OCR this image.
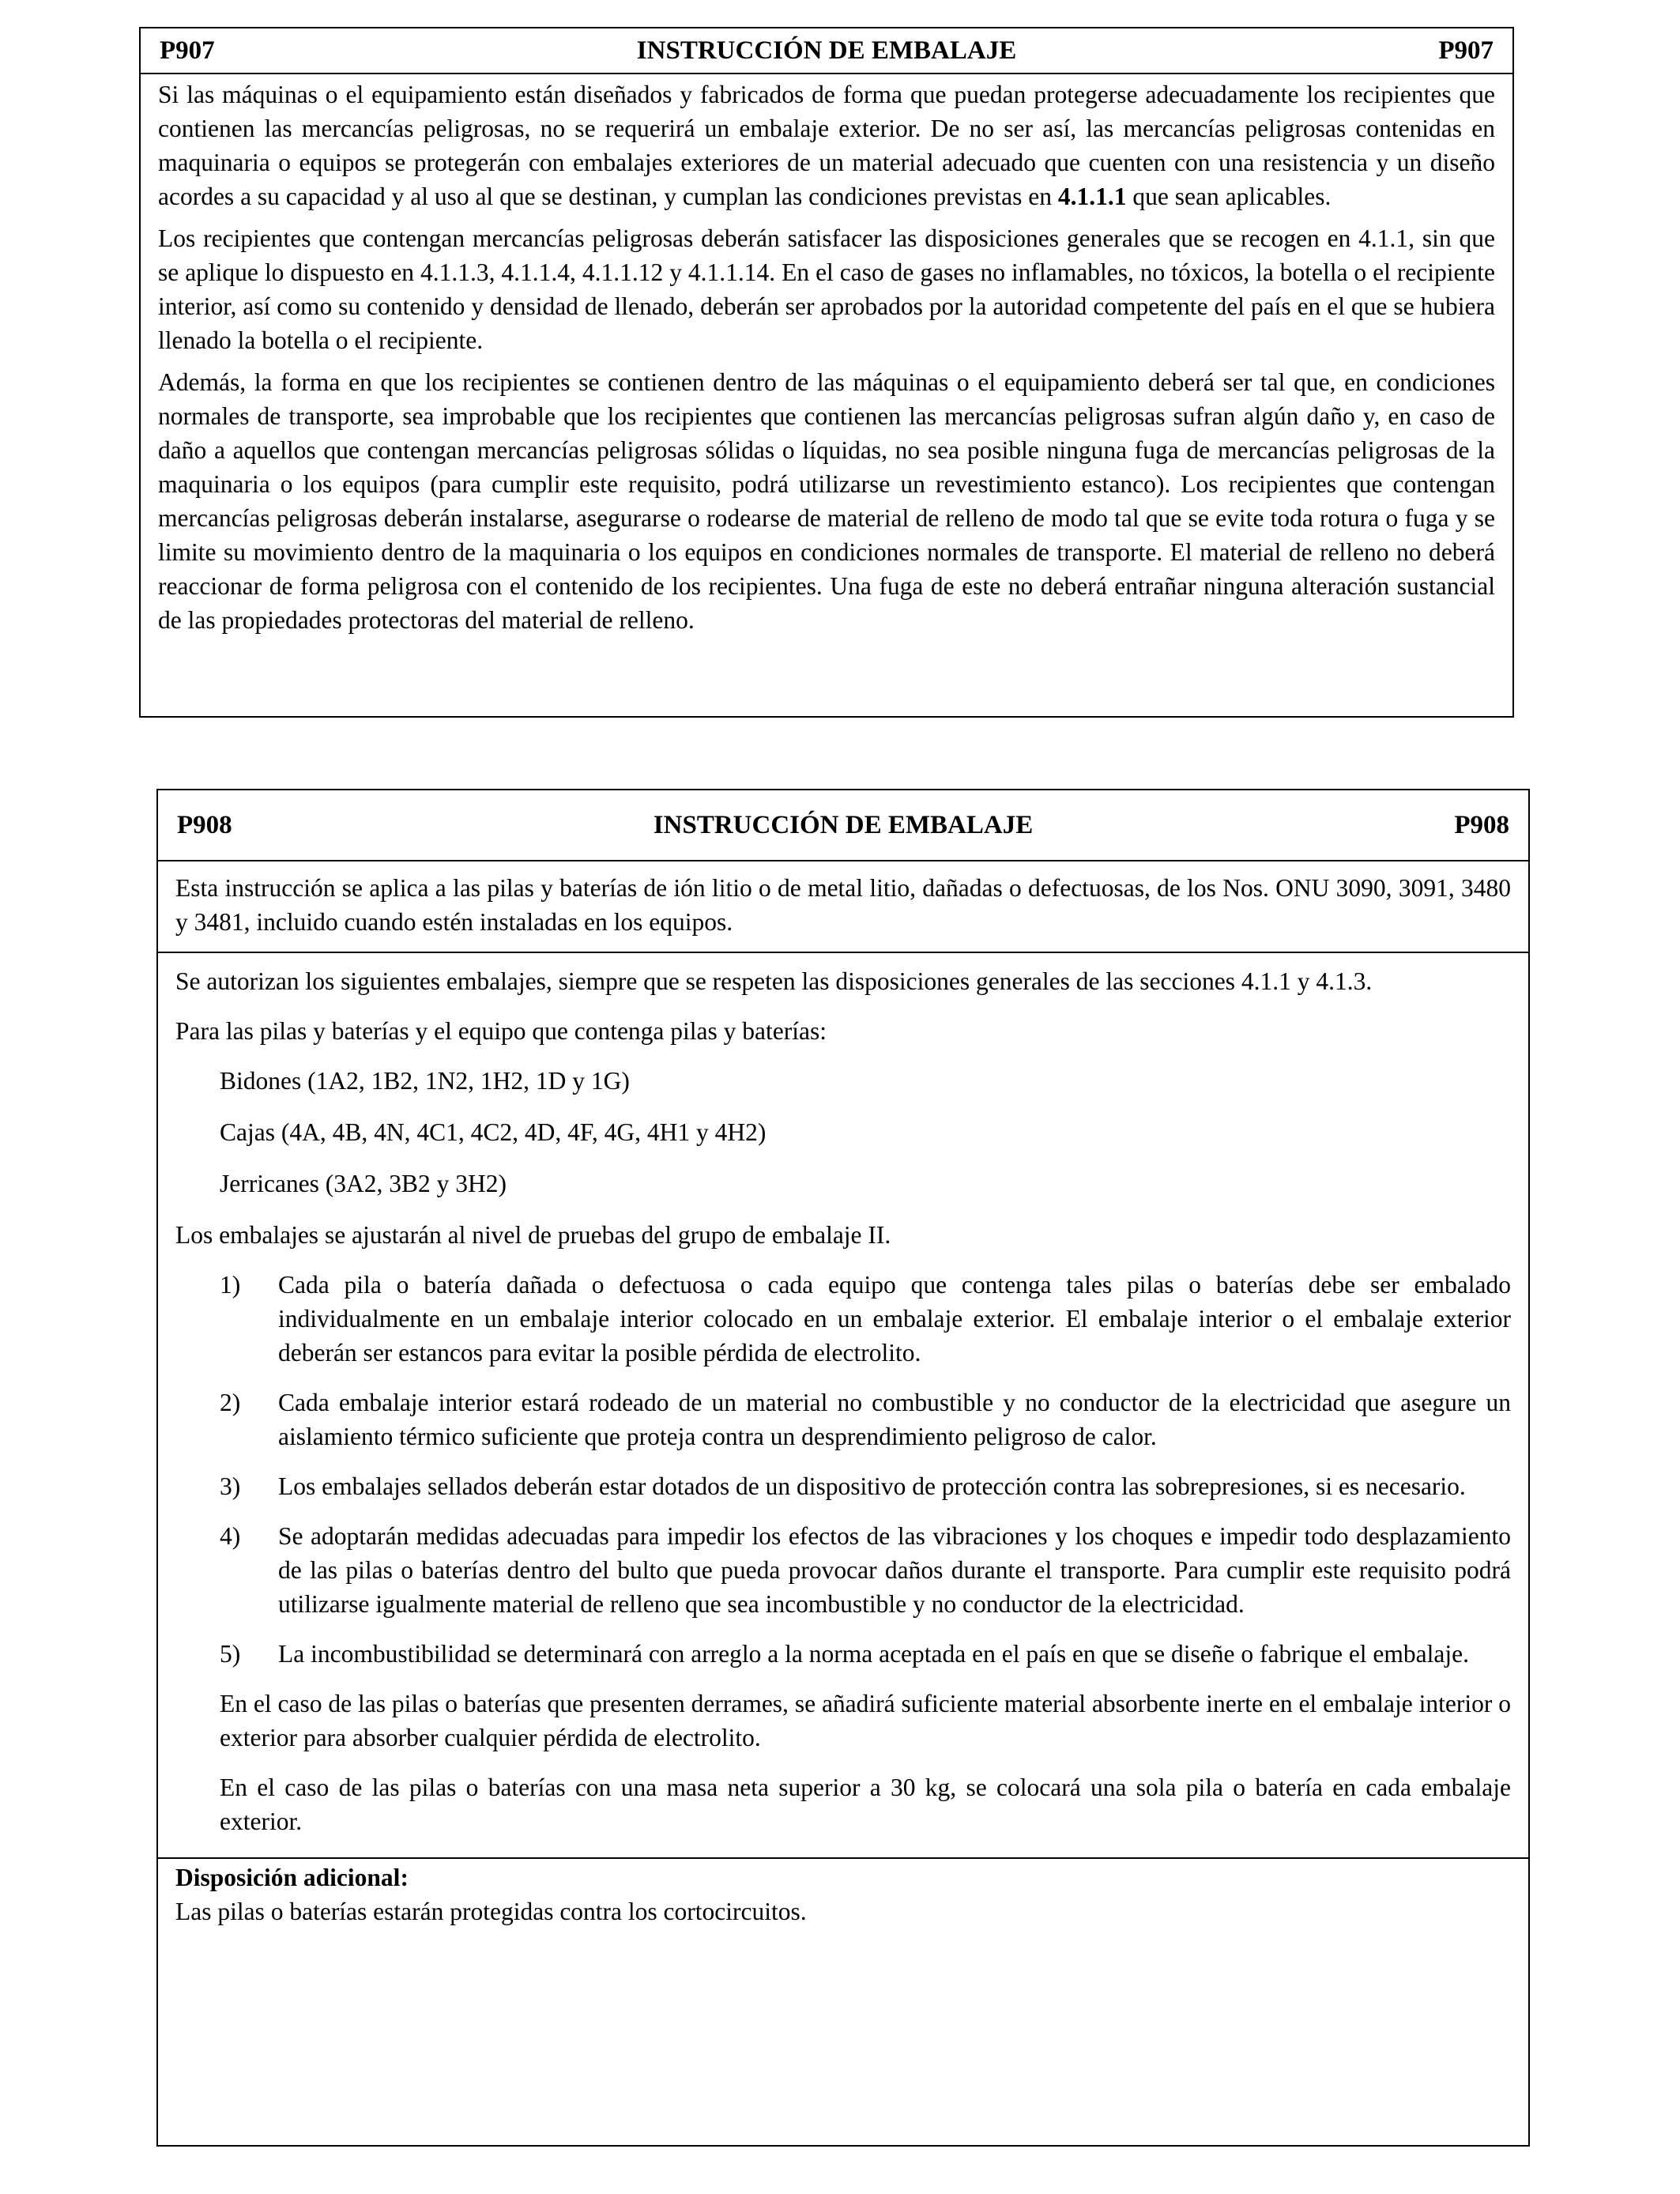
INSTRUCCIÓN DE EMBALAJE
P907	P907

Si las máquinas o el equipamiento están diseñados y fabricados de forma que puedan protegerse adecuadamente los recipientes que contienen las mercancías peligrosas, no se requerirá un embalaje exterior. De no ser así, las mercancías peligrosas contenidas en maquinaria o equipos se protegerán con embalajes exteriores de un material adecuado que cuenten con una resistencia y un diseño acordes a su capacidad y al uso al que se destinan, y cumplan las condiciones previstas en 4.1.1.1 que sean aplicables.

Los recipientes que contengan mercancías peligrosas deberán satisfacer las disposiciones generales que se recogen en 4.1.1, sin que se aplique lo dispuesto en 4.1.1.3, 4.1.1.4, 4.1.1.12 y 4.1.1.14. En el caso de gases no inflamables, no tóxicos, la botella o el recipiente interior, así como su contenido y densidad de llenado, deberán ser aprobados por la autoridad competente del país en el que se hubiera llenado la botella o el recipiente.

Además, la forma en que los recipientes se contienen dentro de las máquinas o el equipamiento deberá ser tal que, en condiciones normales de transporte, sea improbable que los recipientes que contienen las mercancías peligrosas sufran algún daño y, en caso de daño a aquellos que contengan mercancías peligrosas sólidas o líquidas, no sea posible ninguna fuga de mercancías peligrosas de la maquinaria o los equipos (para cumplir este requisito, podrá utilizarse un revestimiento estanco). Los recipientes que contengan mercancías peligrosas deberán instalarse, asegurarse o rodearse de material de relleno de modo tal que se evite toda rotura o fuga y se limite su movimiento dentro de la maquinaria o los equipos en condiciones normales de transporte. El material de relleno no deberá reaccionar de forma peligrosa con el contenido de los recipientes. Una fuga de este no deberá entrañar ninguna alteración sustancial de las propiedades protectoras del material de relleno.

INSTRUCCIÓN DE EMBALAJE
P908	P908

Esta instrucción se aplica a las pilas y baterías de ión litio o de metal litio, dañadas o defectuosas, de los Nos. ONU 3090, 3091, 3480 y 3481, incluido cuando estén instaladas en los equipos.

Se autorizan los siguientes embalajes, siempre que se respeten las disposiciones generales de las secciones 4.1.1 y 4.1.3.

Para las pilas y baterías y el equipo que contenga pilas y baterías:

Bidones (1A2, 1B2, 1N2, 1H2, 1D y 1G)

Cajas (4A, 4B, 4N, 4C1, 4C2, 4D, 4F, 4G, 4H1 y 4H2)

Jerricanes (3A2, 3B2 y 3H2)

Los embalajes se ajustarán al nivel de pruebas del grupo de embalaje II.

1) Cada pila o batería dañada o defectuosa o cada equipo que contenga tales pilas o baterías debe ser embalado individualmente en un embalaje interior colocado en un embalaje exterior. El embalaje interior o el embalaje exterior deberán ser estancos para evitar la posible pérdida de electrolito.
2) Cada embalaje interior estará rodeado de un material no combustible y no conductor de la electricidad que asegure un aislamiento térmico suficiente que proteja contra un desprendimiento peligroso de calor.
3) Los embalajes sellados deberán estar dotados de un dispositivo de protección contra las sobrepresiones, si es necesario.
4) Se adoptarán medidas adecuadas para impedir los efectos de las vibraciones y los choques e impedir todo desplazamiento de las pilas o baterías dentro del bulto que pueda provocar daños durante el transporte. Para cumplir este requisito podrá utilizarse igualmente material de relleno que sea incombustible y no conductor de la electricidad.
5) La incombustibilidad se determinará con arreglo a la norma aceptada en el país en que se diseñe o fabrique el embalaje.

En el caso de las pilas o baterías que presenten derrames, se añadirá suficiente material absorbente inerte en el embalaje interior o exterior para absorber cualquier pérdida de electrolito.

En el caso de las pilas o baterías con una masa neta superior a 30 kg, se colocará una sola pila o batería en cada embalaje exterior.

Disposición adicional:

Las pilas o baterías estarán protegidas contra los cortocircuitos.
